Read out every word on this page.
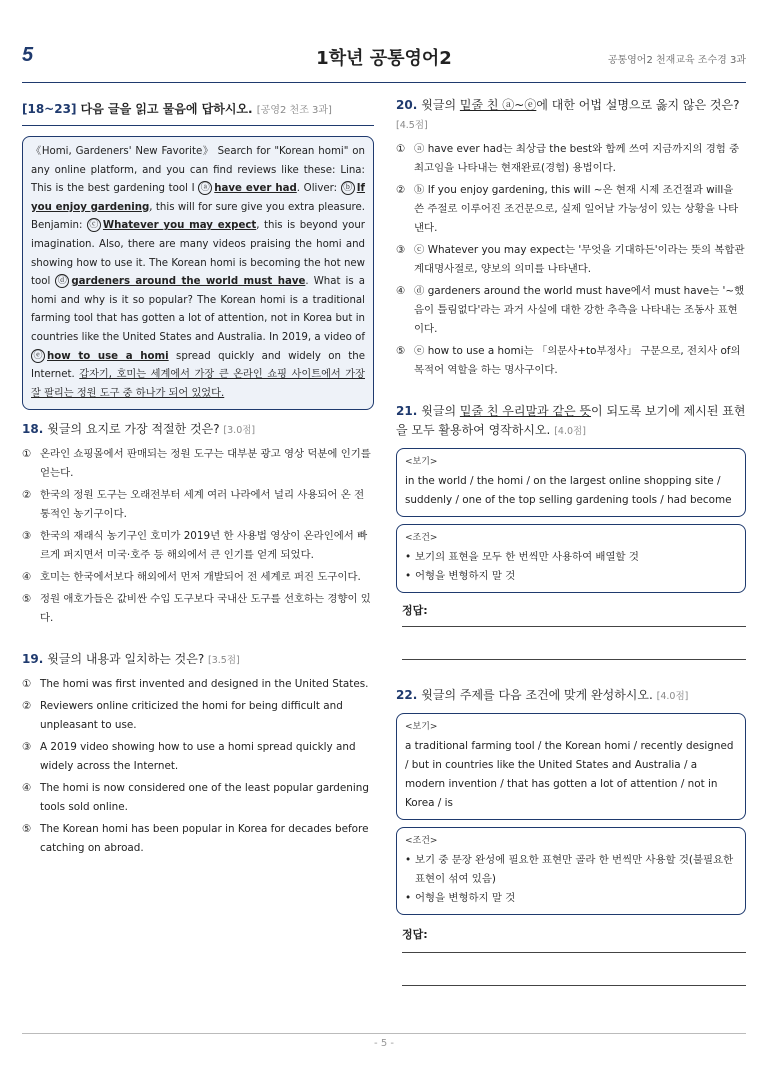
5	1학년 공통영어2	공통영어2 천재교육 조수경 3과
[18~23] 다음 글을 읽고 물음에 답하시오. [공영2 천조 3과]
《Homi, Gardeners' New Favorite》 Search for "Korean homi" on any online platform, and you can find reviews like these: Lina: This is the best gardening tool I ⓐ have ever had. Oliver: ⓑ If you enjoy gardening, this will for sure give you extra pleasure. Benjamin: ⓒ Whatever you may expect, this is beyond your imagination. Also, there are many videos praising the homi and showing how to use it. The Korean homi is becoming the hot new tool ⓓ gardeners around the world must have. What is a homi and why is it so popular? The Korean homi is a traditional farming tool that has gotten a lot of attention, not in Korea but in countries like the United States and Australia. In 2019, a video of ⓔ how to use a homi spread quickly and widely on the Internet. 갑자기, 호미는 세계에서 가장 큰 온라인 쇼핑 사이트에서 가장 잘 팔리는 정원 도구 중 하나가 되어 있었다.
18. 윗글의 요지로 가장 적절한 것은? [3.0점]
① 온라인 쇼핑몰에서 판매되는 정원 도구는 대부분 광고 영상 덕분에 인기를 얻는다.
② 한국의 정원 도구는 오래전부터 세계 여러 나라에서 널리 사용되어 온 전통적인 농기구이다.
③ 한국의 재래식 농기구인 호미가 2019년 한 사용법 영상이 온라인에서 빠르게 퍼지면서 미국·호주 등 해외에서 큰 인기를 얻게 되었다.
④ 호미는 한국에서보다 해외에서 먼저 개발되어 전 세계로 퍼진 도구이다.
⑤ 정원 애호가들은 값비싼 수입 도구보다 국내산 도구를 선호하는 경향이 있다.
19. 윗글의 내용과 일치하는 것은? [3.5점]
① The homi was first invented and designed in the United States.
② Reviewers online criticized the homi for being difficult and unpleasant to use.
③ A 2019 video showing how to use a homi spread quickly and widely across the Internet.
④ The homi is now considered one of the least popular gardening tools sold online.
⑤ The Korean homi has been popular in Korea for decades before catching on abroad.
20. 윗글의 밑줄 친 ⓐ~ⓔ에 대한 어법 설명으로 옳지 않은 것은? [4.5점]
① ⓐ have ever had는 최상급 the best와 함께 쓰여 지금까지의 경험 중 최고임을 나타내는 현재완료(경험) 용법이다.
② ⓑ If you enjoy gardening, this will ~은 현재 시제 조건절과 will을 쓴 주절로 이루어진 조건문으로, 실제 일어날 가능성이 있는 상황을 나타낸다.
③ ⓒ Whatever you may expect는 '무엇을 기대하든'이라는 뜻의 복합관계대명사절로, 양보의 의미를 나타낸다.
④ ⓓ gardeners around the world must have에서 must have는 '~했음이 틀림없다'라는 과거 사실에 대한 강한 추측을 나타내는 조동사 표현이다.
⑤ ⓔ how to use a homi는 「의문사+to부정사」 구문으로, 전치사 of의 목적어 역할을 하는 명사구이다.
21. 윗글의 밑줄 친 우리말과 같은 뜻이 되도록 보기에 제시된 표현을 모두 활용하여 영작하시오. [4.0점]
<보기>
in the world / the homi / on the largest online shopping site / suddenly / one of the top selling gardening tools / had become
<조건>
• 보기의 표현을 모두 한 번씩만 사용하여 배열할 것
• 어형을 변형하지 말 것
정답:
22. 윗글의 주제를 다음 조건에 맞게 완성하시오. [4.0점]
<보기>
a traditional farming tool / the Korean homi / recently designed / but in countries like the United States and Australia / a modern invention / that has gotten a lot of attention / not in Korea / is
<조건>
• 보기 중 문장 완성에 필요한 표현만 골라 한 번씩만 사용할 것(불필요한 표현이 섞여 있음)
• 어형을 변형하지 말 것
정답:
- 5 -
